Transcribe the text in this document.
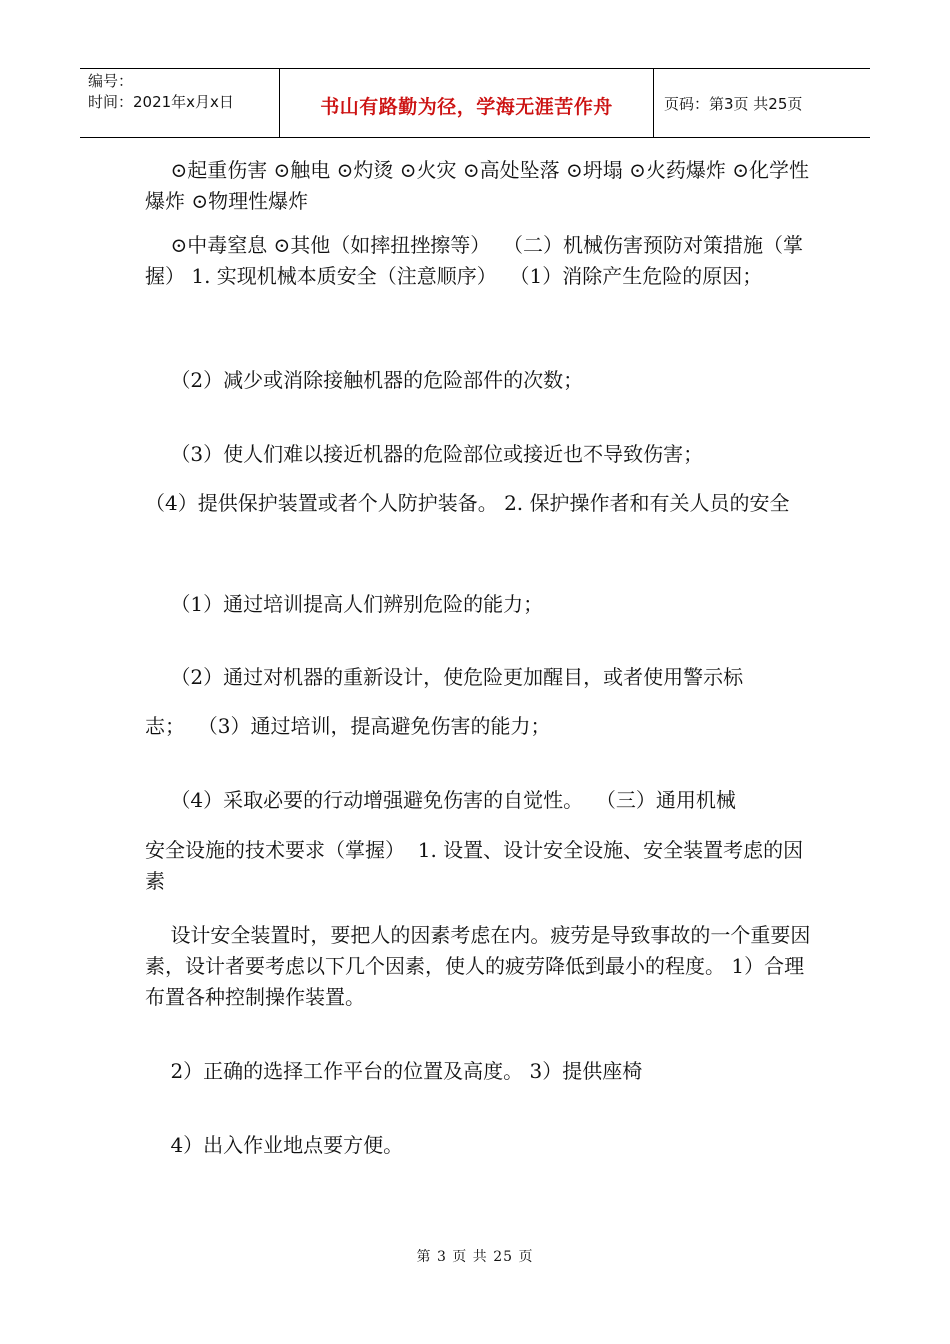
编号：
时间：2021年x月x日	书山有路勤为径，学海无涯苦作舟	页码：第3页 共25页

⊙起重伤害 ⊙触电 ⊙灼烫 ⊙火灾 ⊙高处坠落 ⊙坍塌 ⊙火药爆炸 ⊙化学性爆炸 ⊙物理性爆炸

⊙中毒窒息 ⊙其他（如摔扭挫擦等）  （二）机械伤害预防对策措施（掌握） 1. 实现机械本质安全（注意顺序）  （1）消除产生危险的原因；

（2）减少或消除接触机器的危险部件的次数；

（3）使人们难以接近机器的危险部位或接近也不导致伤害；

（4）提供保护装置或者个人防护装备。 2. 保护操作者和有关人员的安全

（1）通过培训提高人们辨别危险的能力；

（2）通过对机器的重新设计，使危险更加醒目，或者使用警示标

志；  （3）通过培训，提高避免伤害的能力；

（4）采取必要的行动增强避免伤害的自觉性。  （三）通用机械

安全设施的技术要求（掌握）  1. 设置、设计安全设施、安全装置考虑的因素

设计安全装置时，要把人的因素考虑在内。疲劳是导致事故的一个重要因素，设计者要考虑以下几个因素，使人的疲劳降低到最小的程度。 1）合理布置各种控制操作装置。

2）正确的选择工作平台的位置及高度。 3）提供座椅

4）出入作业地点要方便。

第 3 页 共 25 页
